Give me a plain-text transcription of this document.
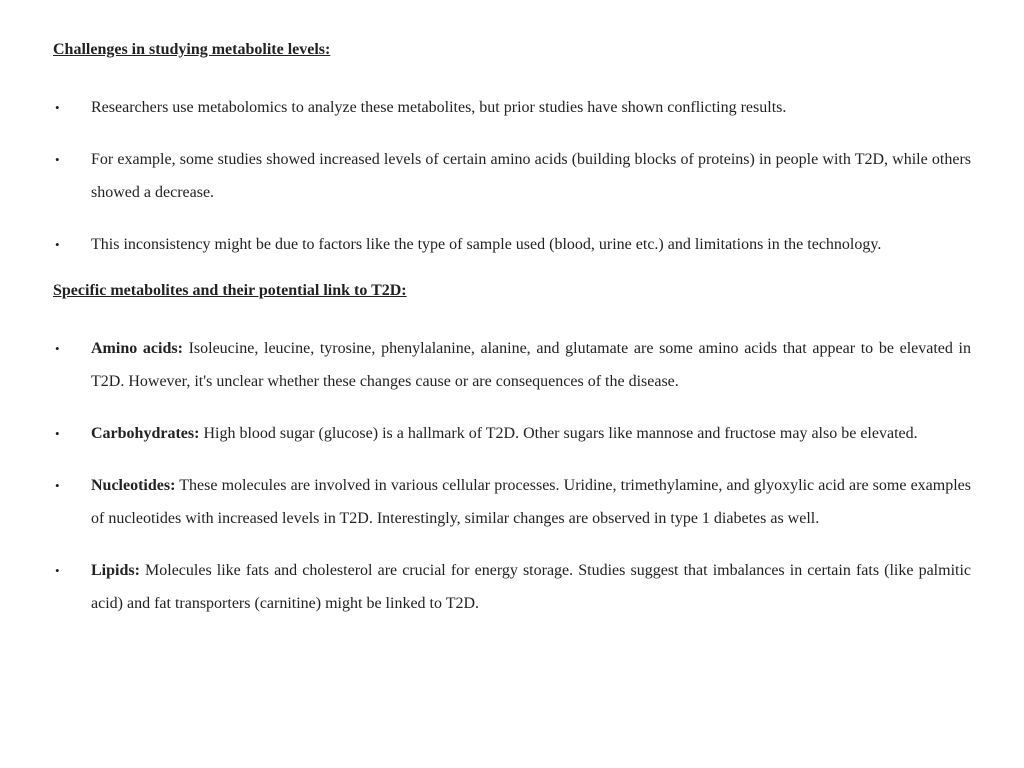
Challenges in studying metabolite levels:
• Researchers use metabolomics to analyze these metabolites, but prior studies have shown conflicting results.
• For example, some studies showed increased levels of certain amino acids (building blocks of proteins) in people with T2D, while others showed a decrease.
• This inconsistency might be due to factors like the type of sample used (blood, urine etc.) and limitations in the technology.
Specific metabolites and their potential link to T2D:
• Amino acids: Isoleucine, leucine, tyrosine, phenylalanine, alanine, and glutamate are some amino acids that appear to be elevated in T2D. However, it's unclear whether these changes cause or are consequences of the disease.
• Carbohydrates: High blood sugar (glucose) is a hallmark of T2D. Other sugars like mannose and fructose may also be elevated.
• Nucleotides: These molecules are involved in various cellular processes. Uridine, trimethylamine, and glyoxylic acid are some examples of nucleotides with increased levels in T2D. Interestingly, similar changes are observed in type 1 diabetes as well.
• Lipids: Molecules like fats and cholesterol are crucial for energy storage. Studies suggest that imbalances in certain fats (like palmitic acid) and fat transporters (carnitine) might be linked to T2D.
